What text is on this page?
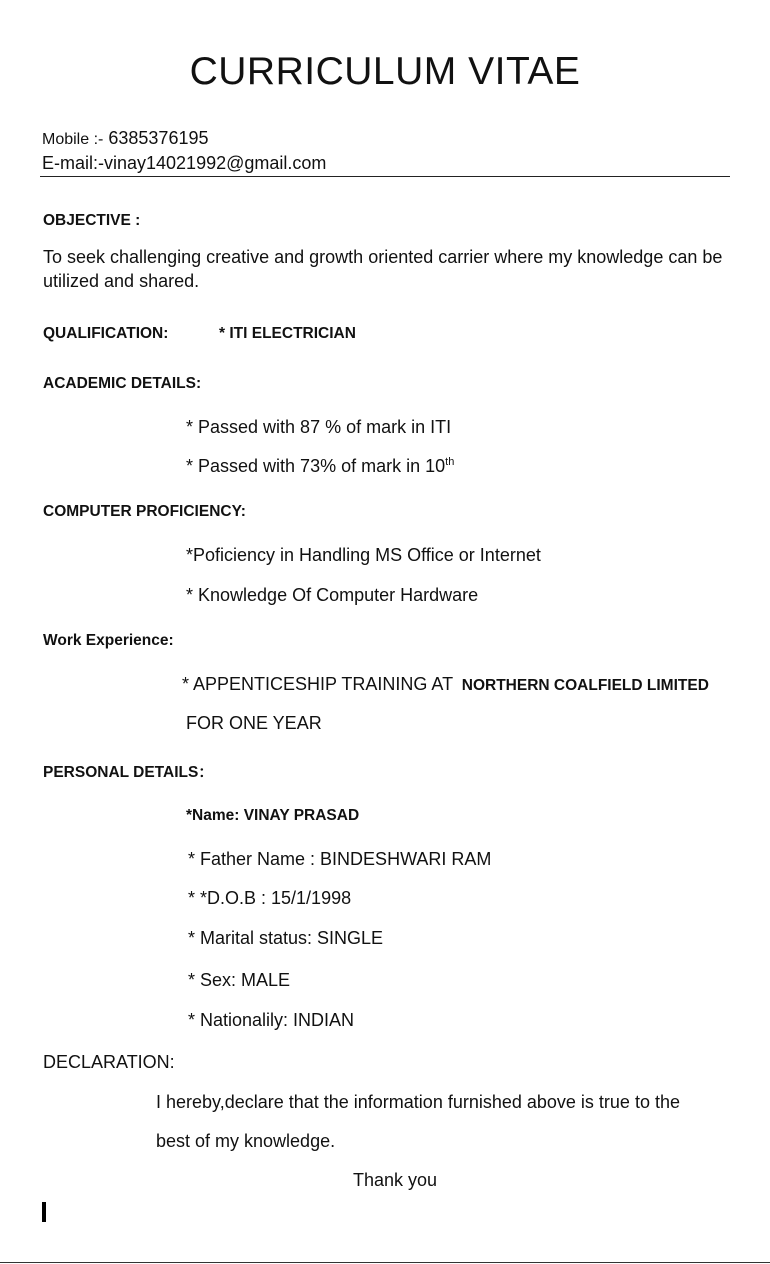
CURRICULUM VITAE
Mobile :- 6385376195
E-mail:-vinay14021992@gmail.com
OBJECTIVE :
To seek challenging creative and growth oriented carrier where my knowledge can be utilized and shared.
QUALIFICATION:	* ITI ELECTRICIAN
ACADEMIC DETAILS:
* Passed with 87 % of mark in ITI
* Passed with 73% of mark in 10th
COMPUTER PROFICIENCY:
*Poficiency in Handling MS Office or Internet
* Knowledge Of Computer Hardware
Work Experience:
* APPENTICESHIP TRAINING AT NORTHERN COALFIELD LIMITED
FOR ONE YEAR
PERSONAL DETAILS：
*Name: VINAY PRASAD
* Father Name : BINDESHWARI RAM
* *D.O.B : 15/1/1998
* Marital status: SINGLE
* Sex: MALE
* Nationalily: INDIAN
DECLARATION:
I hereby,declare that the information furnished above is true to the
best of my knowledge.
Thank you
